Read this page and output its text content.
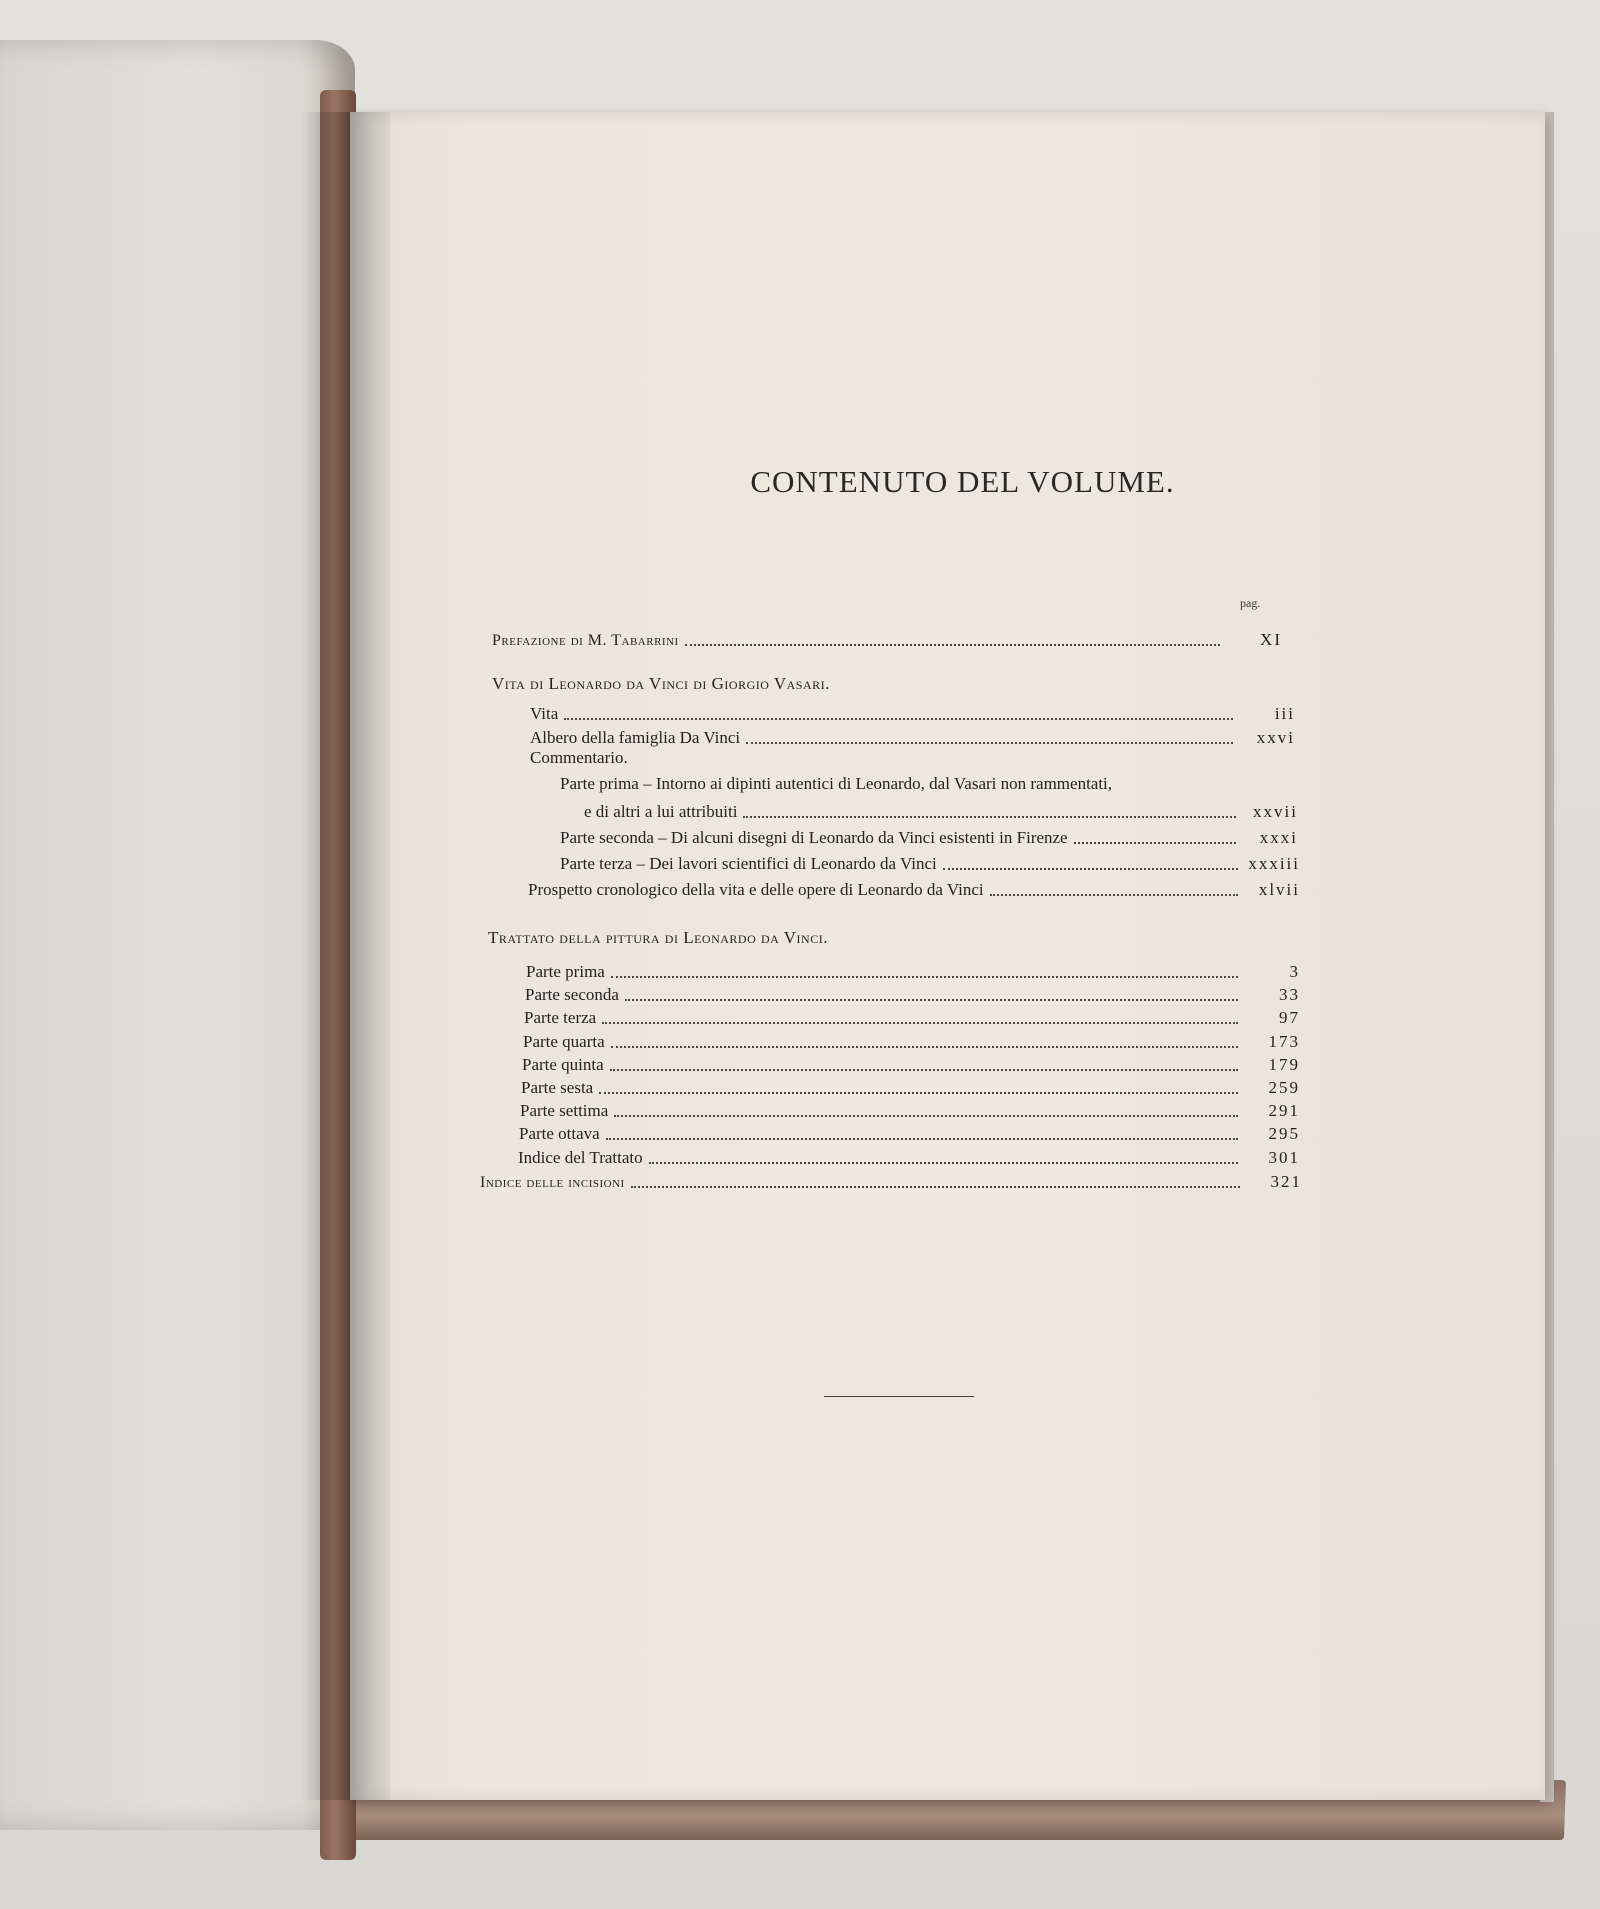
CONTENUTO DEL VOLUME.
pag.
Prefazione di M. Tabarrini	XI
Vita di Leonardo da Vinci di Giorgio Vasari.
Vita	iii
Albero della famiglia Da Vinci	xxvi
Commentario.
Parte prima – Intorno ai dipinti autentici di Leonardo, dal Vasari non rammentati,
e di altri a lui attribuiti	xxvii
Parte seconda – Di alcuni disegni di Leonardo da Vinci esistenti in Firenze	xxxi
Parte terza – Dei lavori scientifici di Leonardo da Vinci	xxxiii
Prospetto cronologico della vita e delle opere di Leonardo da Vinci	xlvii
Trattato della pittura di Leonardo da Vinci.
Parte prima	3
Parte seconda	33
Parte terza	97
Parte quarta	173
Parte quinta	179
Parte sesta	259
Parte settima	291
Parte ottava	295
Indice del Trattato	301
Indice delle incisioni	321
